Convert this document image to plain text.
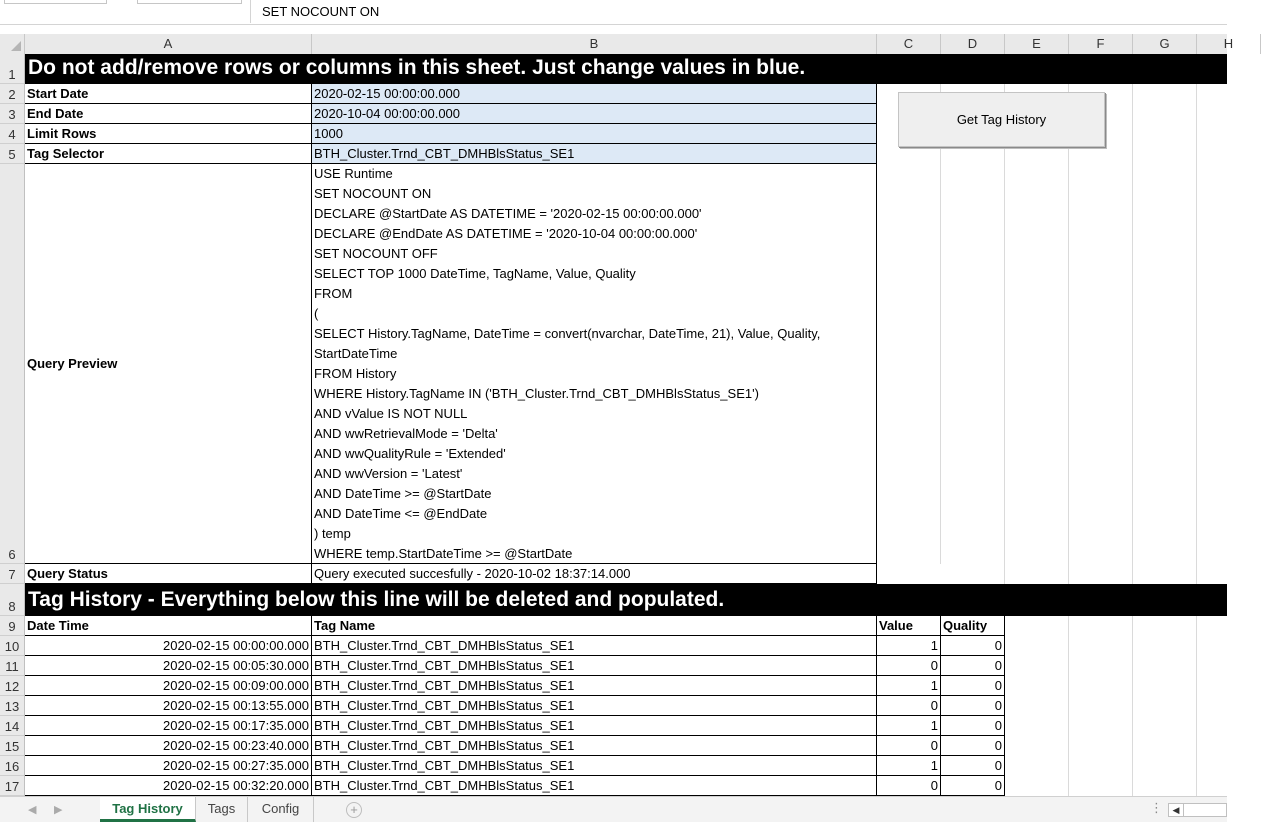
SET NOCOUNT ON
A	B	C	D	E	F	G	H
1
2
3
4
5
6
7
8
9
10
11
12
13
14
15
16
17
Do not add/remove rows or columns in this sheet. Just change values in blue.
Start Date	2020-02-15 00:00:00.000
End Date	2020-10-04 00:00:00.000
Limit Rows	1000
Tag Selector	BTH_Cluster.Trnd_CBT_DMHBlsStatus_SE1
Query Preview
USE Runtime
SET NOCOUNT ON
DECLARE @StartDate AS DATETIME = '2020-02-15 00:00:00.000'
DECLARE @EndDate AS DATETIME = '2020-10-04 00:00:00.000'
SET NOCOUNT OFF
SELECT TOP 1000 DateTime, TagName, Value, Quality
FROM
(
SELECT History.TagName, DateTime = convert(nvarchar, DateTime, 21), Value, Quality,
StartDateTime
FROM History
WHERE History.TagName IN ('BTH_Cluster.Trnd_CBT_DMHBlsStatus_SE1')
AND vValue IS NOT NULL
AND wwRetrievalMode = 'Delta'
AND wwQualityRule = 'Extended'
AND wwVersion = 'Latest'
AND DateTime >= @StartDate
AND DateTime <= @EndDate
) temp
WHERE temp.StartDateTime >= @StartDate
Query Status	Query executed succesfully - 2020-10-02 18:37:14.000
Tag History - Everything below this line will be deleted and populated.
Date Time	Tag Name	Value	Quality
2020-02-15 00:00:00.000 BTH_Cluster.Trnd_CBT_DMHBlsStatus_SE1	1	0
2020-02-15 00:05:30.000 BTH_Cluster.Trnd_CBT_DMHBlsStatus_SE1	0	0
2020-02-15 00:09:00.000 BTH_Cluster.Trnd_CBT_DMHBlsStatus_SE1	1	0
2020-02-15 00:13:55.000 BTH_Cluster.Trnd_CBT_DMHBlsStatus_SE1	0	0
2020-02-15 00:17:35.000 BTH_Cluster.Trnd_CBT_DMHBlsStatus_SE1	1	0
2020-02-15 00:23:40.000 BTH_Cluster.Trnd_CBT_DMHBlsStatus_SE1	0	0
2020-02-15 00:27:35.000 BTH_Cluster.Trnd_CBT_DMHBlsStatus_SE1	1	0
2020-02-15 00:32:20.000 BTH_Cluster.Trnd_CBT_DMHBlsStatus_SE1	0	0
Get Tag History
◀ ▶	Tag History	Tags	Config	+	⋮	◀
